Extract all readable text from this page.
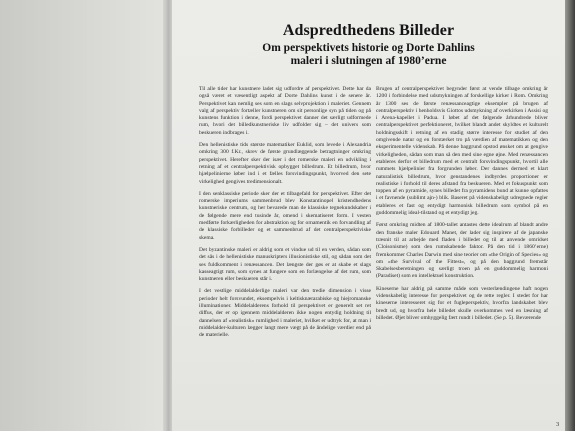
Adspredthedens Billeder
Om perspektivets historie og Dorte Dahlins
maleri i slutningen af 1980’erne

Til alle tider har kunstnere ladet sig udfordre af perspektivet. Dette har da også været et væsentligt aspekt af Dorte Dahlins kunst i de senere år. Perspektivet kan nemlig ses som en slags selvprojektion i maleriet. Gennem valg af perspektiv fortæller kunstneren om sit personlige syn på tiden og på kunstens funktion i denne, fordi perspektivet danner det særligt udformede rum, hvori det billedkunstneriske liv udfolder sig – det univers som beskueren indbrages i.

Den hellenistiske tids største matematiker Euklid, som levede i Alexandria omkring 300 f.Kr., skrev de første grundlæggende betragtninger omkring perspektivet. Herefter sker der især i det romerske maleri en udvikling i retning af et centralperspektivisk opbygget billedrum. Et billedrum, hvor hjælpelinierne løber ind i et fælles forsvindingspunkt, hvorved den sete virkelighed gengives tredimensionalt.

I den senklassiske periode sker der et tilbagefald for perspektivet. Efter det romerske imperiums sammenbrud blev Konstantinopel kristendhedens kunstneriske centrum, og her bevarede man de klassiske tegnekundskaber i de følgende mere end tusinde år, omend i skematiseret form. I vesten medførte forkærligheden for abstraktion og for ornamentik en forvandling af de klassiske forbilleder og et sammenbrud af det centralperspektiviske skema.

Det byzantinske maleri er aldrig som et vindue ud til en verden, sådan som det sås i de hellenistiske manuskripters illusionistiske stil, og sådan som det ses fuldkomment i renæssancen. Det længste der gøs er at skabe et slags kasseagtigt rum, som synes at fungere som en forlængelse af det rum, som kunstneren eller beskueren står i.

I det vestlige middelalderlige maleri var den tredie dimension i visse perioder helt forsvundet, eksempelvis i keltisknærarabiske og hiejromanske illuminationer. Middelalderens forhold til perspektivet er generelt set ret diffus, der er op igennem middelalderen ikke nogen entydig holdning til dannelsen af »realistisk« rumlighed i maleriet, hvilket er udtryk for, at man i middelalder-kulturen lægger langt mere vægt på de åndelige værdier end på de materielle.

Brugen af centralperspektivet begynder først at vende tilbage omkring år 1200 i forbindelse med udsmykningen af forskellige kirker i Rom. Omkring år 1300 ses de første renæssanceagtige eksempler på brugen af centralperspektiv i henholdsvis Giottos udsmykning af overkirken i Assisi og i Arena-kapellet i Padua. I løbet af det følgende århundrede bliver centralperspektivet perfektioneret, hvilket blandt andet skyldtes et kulturelt holdningsskift i retning af en stadig større interesse for studiet af den omgivende natur og en forstærket tro på værdien af matematikken og den eksperimentelle videnskab. På denne baggrund opstod ønsket om at gengive virkeligheden, sådan som man så den med sine egne øjne. Med renæssancen etableres derfor et billedrum med et centralt forsvindingspunkt, hvortil alle rummets hjælpelinier fra forgrunden løber. Der dannes dermed et klart naturalistisk billedrum, hvor genstandenes indbyrdes proportioner er realistiske i forhold til deres afstand fra beskueren. Med et fokuspunkt som toppen af en pyramide, synes billedet fra pyramidens bund at kunne opfattes i et favnende (sublimt ajn-) blik. Baseret på videnskabeligt udregnede regler etableres et fast og entydigt harmonisk billedrum som symbol på en guddommelig ideal-tilstand og et entydigt jeg.

Først omkring midten af 1800-tallet antastes dette idealrum af blandt andre den franske maler Edouard Manet, der lader sig inspirere af de japanske træsnit til at arbejde med fladen i billedet og til at anvende omridset (Cloisonisme) som den rumskabende faktor. På den tid i 1860’erne) fremkommer Charles Darwin med sine teorier om »the Origin of Species« og om »the Survival of the Fittest«, og på den baggrund fremstår Skabelsesberetningen og særligt troen på en guddommelig harmoni (Paradiset) som en intellektuel konstruktion.

Kineserne har aldrig på samme måde som vesterlændingene haft nogen videnskabelig interesse for perspektivet og de rette regler. I stedet for har kineserne interesseret sig for et fugleperspektiv, hvorfra landskabet blev bredt ud, og hvorfra hele billedet skulle overkommes ved en læsning af billedet. Øjet bliver omhyggelig fært rundt i billedet. (Se p. 5). Beværende

3
